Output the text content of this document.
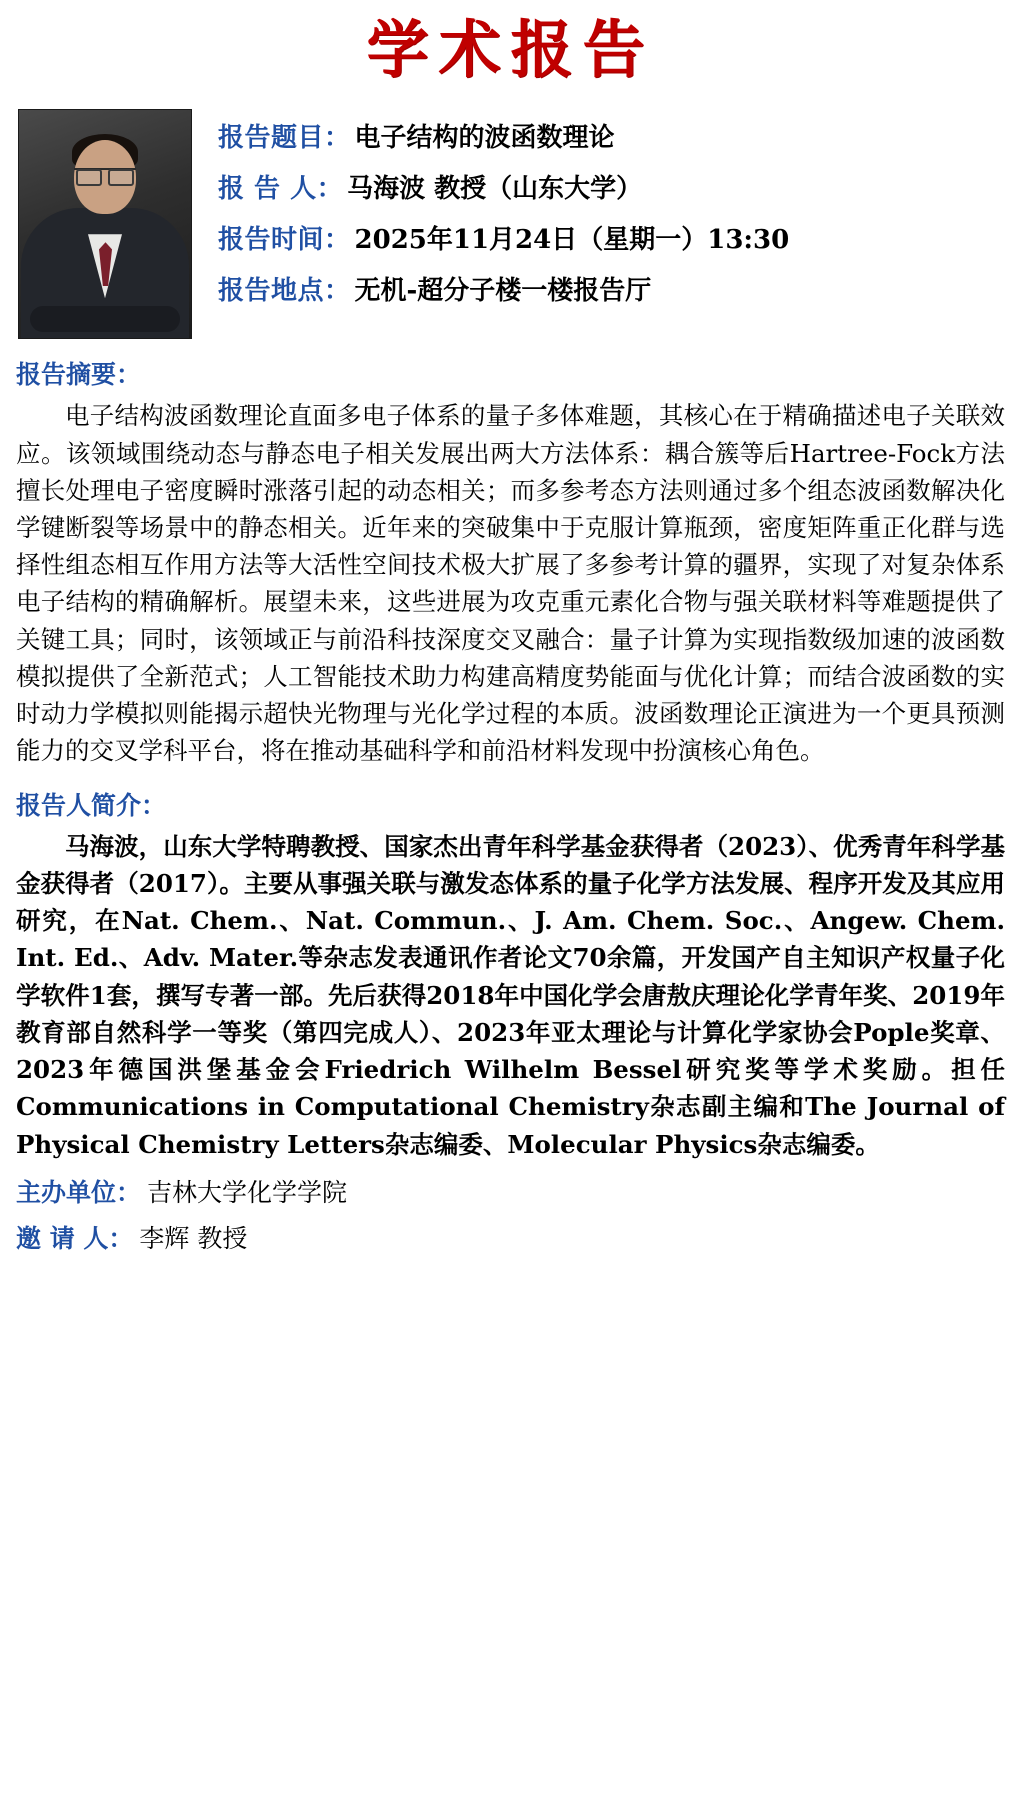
学术报告
报告题目： 电子结构的波函数理论
报 告 人： 马海波 教授（山东大学）
报告时间： 2025年11月24日（星期一）13:30
报告地点： 无机-超分子楼一楼报告厅
报告摘要：
电子结构波函数理论直面多电子体系的量子多体难题，其核心在于精确描述电子关联效应。该领域围绕动态与静态电子相关发展出两大方法体系：耦合簇等后Hartree-Fock方法擅长处理电子密度瞬时涨落引起的动态相关；而多参考态方法则通过多个组态波函数解决化学键断裂等场景中的静态相关。近年来的突破集中于克服计算瓶颈，密度矩阵重正化群与选择性组态相互作用方法等大活性空间技术极大扩展了多参考计算的疆界，实现了对复杂体系电子结构的精确解析。展望未来，这些进展为攻克重元素化合物与强关联材料等难题提供了关键工具；同时，该领域正与前沿科技深度交叉融合：量子计算为实现指数级加速的波函数模拟提供了全新范式；人工智能技术助力构建高精度势能面与优化计算；而结合波函数的实时动力学模拟则能揭示超快光物理与光化学过程的本质。波函数理论正演进为一个更具预测能力的交叉学科平台，将在推动基础科学和前沿材料发现中扮演核心角色。
报告人简介：
马海波，山东大学特聘教授、国家杰出青年科学基金获得者（2023）、优秀青年科学基金获得者（2017）。主要从事强关联与激发态体系的量子化学方法发展、程序开发及其应用研究，在Nat. Chem.、Nat. Commun.、J. Am. Chem. Soc.、Angew. Chem. Int. Ed.、Adv. Mater.等杂志发表通讯作者论文70余篇，开发国产自主知识产权量子化学软件1套，撰写专著一部。先后获得2018年中国化学会唐敖庆理论化学青年奖、2019年教育部自然科学一等奖（第四完成人）、2023年亚太理论与计算化学家协会Pople奖章、2023年德国洪堡基金会Friedrich Wilhelm Bessel研究奖等学术奖励。担任Communications in Computational Chemistry杂志副主编和The Journal of Physical Chemistry Letters杂志编委、Molecular Physics杂志编委。
主办单位： 吉林大学化学学院
邀 请 人： 李辉 教授
